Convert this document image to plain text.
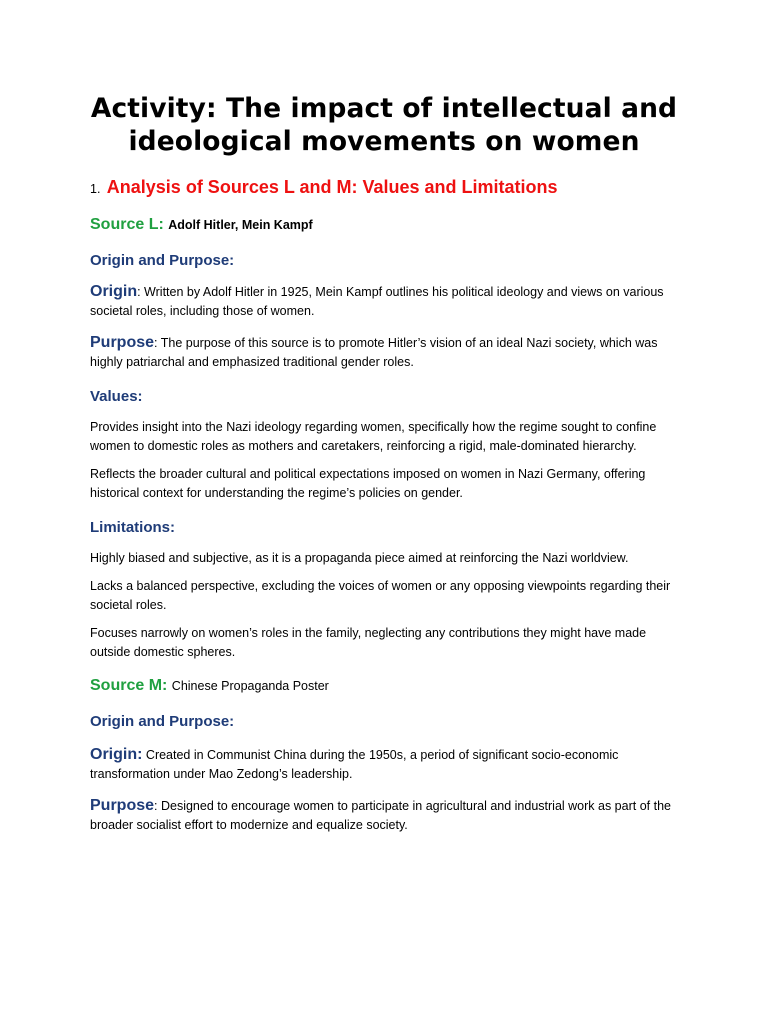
Activity: The impact of intellectual and ideological movements on women
1. Analysis of Sources L and M: Values and Limitations
Source L: Adolf Hitler, Mein Kampf
Origin and Purpose:

Origin: Written by Adolf Hitler in 1925, Mein Kampf outlines his political ideology and views on various societal roles, including those of women.

Purpose: The purpose of this source is to promote Hitler’s vision of an ideal Nazi society, which was highly patriarchal and emphasized traditional gender roles.

Values:

Provides insight into the Nazi ideology regarding women, specifically how the regime sought to confine women to domestic roles as mothers and caretakers, reinforcing a rigid, male-dominated hierarchy.

Reflects the broader cultural and political expectations imposed on women in Nazi Germany, offering historical context for understanding the regime’s policies on gender.

Limitations:

Highly biased and subjective, as it is a propaganda piece aimed at reinforcing the Nazi worldview.

Lacks a balanced perspective, excluding the voices of women or any opposing viewpoints regarding their societal roles.

Focuses narrowly on women’s roles in the family, neglecting any contributions they might have made outside domestic spheres.

Source M: Chinese Propaganda Poster
Origin and Purpose:

Origin: Created in Communist China during the 1950s, a period of significant socio-economic transformation under Mao Zedong’s leadership.

Purpose: Designed to encourage women to participate in agricultural and industrial work as part of the broader socialist effort to modernize and equalize society.
